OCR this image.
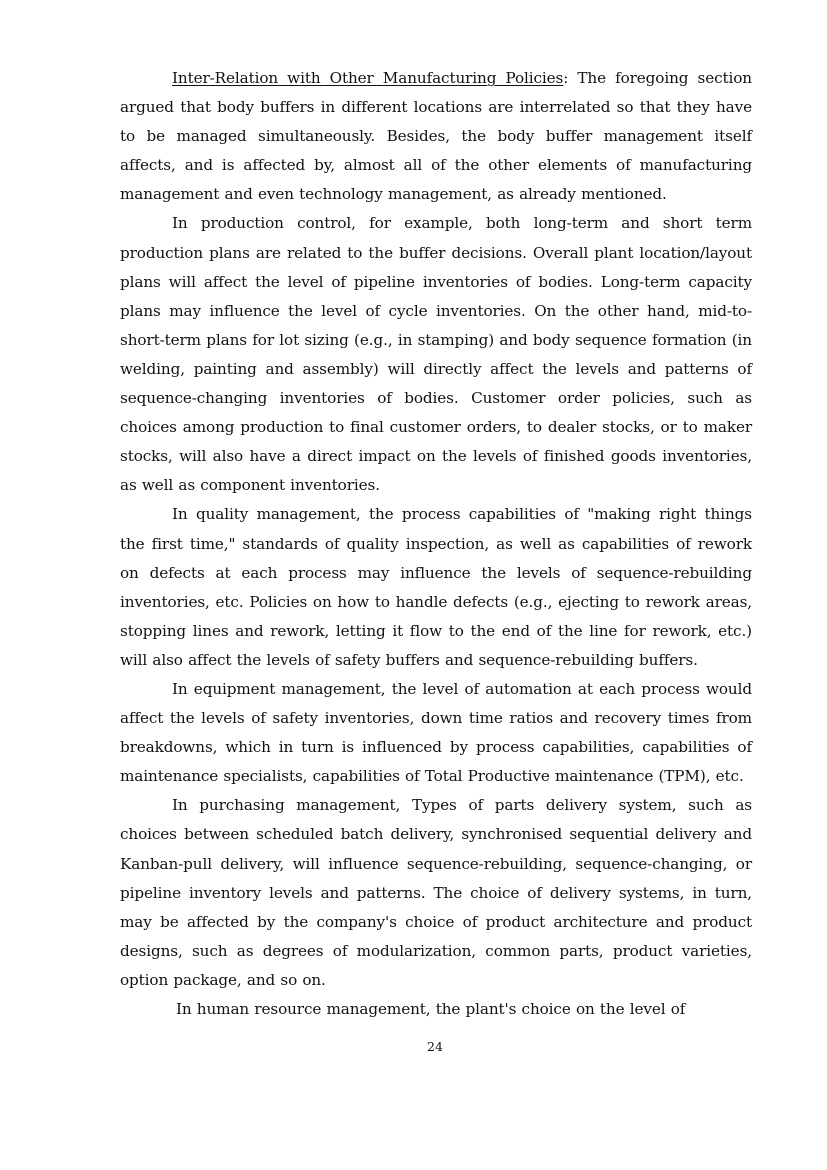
Inter-Relation with Other Manufacturing Policies: The foregoing section argued that body buffers in different locations are interrelated so that they have to be managed simultaneously. Besides, the body buffer management itself affects, and is affected by, almost all of the other elements of manufacturing management and even technology management, as already mentioned.

In production control, for example, both long-term and short term production plans are related to the buffer decisions. Overall plant location/layout plans will affect the level of pipeline inventories of bodies. Long-term capacity plans may influence the level of cycle inventories. On the other hand, mid-to-short-term plans for lot sizing (e.g., in stamping) and body sequence formation (in welding, painting and assembly) will directly affect the levels and patterns of sequence-changing inventories of bodies. Customer order policies, such as choices among production to final customer orders, to dealer stocks, or to maker stocks, will also have a direct impact on the levels of finished goods inventories, as well as component inventories.

In quality management, the process capabilities of "making right things the first time," standards of quality inspection, as well as capabilities of rework on defects at each process may influence the levels of sequence-rebuilding inventories, etc. Policies on how to handle defects (e.g., ejecting to rework areas, stopping lines and rework, letting it flow to the end of the line for rework, etc.) will also affect the levels of safety buffers and sequence-rebuilding buffers.

In equipment management, the level of automation at each process would affect the levels of safety inventories, down time ratios and recovery times from breakdowns, which in turn is influenced by process capabilities, capabilities of maintenance specialists, capabilities of Total Productive maintenance (TPM), etc.

In purchasing management, Types of parts delivery system, such as choices between scheduled batch delivery, synchronised sequential delivery and Kanban-pull delivery, will influence sequence-rebuilding, sequence-changing, or pipeline inventory levels and patterns. The choice of delivery systems, in turn, may be affected by the company's choice of product architecture and product designs, such as degrees of modularization, common parts, product varieties, option package, and so on.

In human resource management, the plant's choice on the level of

24
